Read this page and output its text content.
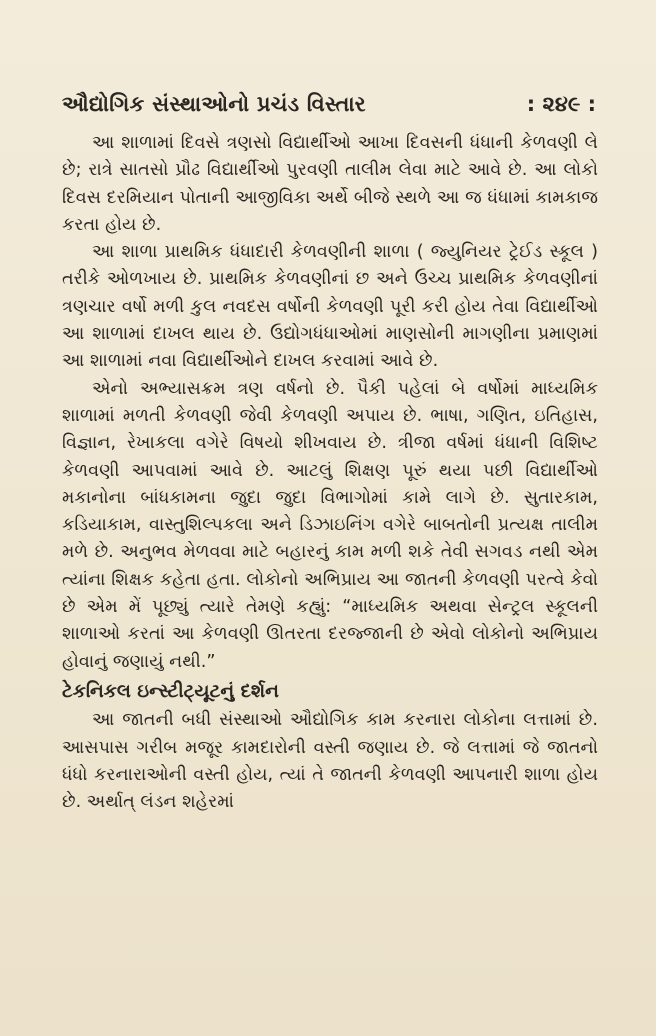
ઔદ્યોગિક સંસ્થાઓનો પ્રચંડ વિસ્તાર	: ૨૪૯ :

આ શાળામાં દિવસે ત્રણસો વિદ્યાર્થીઓ આખા દિવસની ધંધાની કેળવણી લે છે; રાત્રે સાતસો પ્રૌઢ વિદ્યાર્થીઓ પુરવણી તાલીમ લેવા માટે આવે છે. આ લોકો દિવસ દરમિયાન પોતાની આજીવિકા અર્થે બીજે સ્થળે આ જ ધંધામાં કામકાજ કરતા હોય છે.

આ શાળા પ્રાથમિક ધંધાદારી કેળવણીની શાળા ( જ્યુનિયર ટ્રેઈડ સ્કૂલ ) તરીકે ઓળખાય છે. પ્રાથમિક કેળવણીનાં છ અને ઉચ્ચ પ્રાથમિક કેળવણીનાં ત્રણચાર વર્ષો મળી કુલ નવદસ વર્ષોની કેળવણી પૂરી કરી હોય તેવા વિદ્યાર્થીઓ આ શાળામાં દાખલ થાય છે. ઉદ્યોગધંધાઓમાં માણસોની માગણીના પ્રમાણમાં આ શાળામાં નવા વિદ્યાર્થીઓને દાખલ કરવામાં આવે છે.

એનો અભ્યાસક્રમ ત્રણ વર્ષનો છે. પૈકી પહેલાં બે વર્ષોમાં માધ્યમિક શાળામાં મળતી કેળવણી જેવી કેળવણી અપાય છે. ભાષા, ગણિત, ઇતિહાસ, વિજ્ઞાન, રેખાકલા વગેરે વિષયો શીખવાય છે. ત્રીજા વર્ષમાં ધંધાની વિશિષ્ટ કેળવણી આપવામાં આવે છે. આટલું શિક્ષણ પૂરું થયા પછી વિદ્યાર્થીઓ મકાનોના બાંધકામના જુદા જુદા વિભાગોમાં કામે લાગે છે. સુતારકામ, કડિયાકામ, વાસ્તુશિલ્પકલા અને ડિઝાઇનિંગ વગેરે બાબતોની પ્રત્યક્ષ તાલીમ મળે છે. અનુભવ મેળવવા માટે બહારનું કામ મળી શકે તેવી સગવડ નથી એમ ત્યાંના શિક્ષક કહેતા હતા. લોકોનો અભિપ્રાય આ જાતની કેળવણી પરત્વે કેવો છે એમ મેં પૂછ્યું ત્યારે તેમણે કહ્યું: “માધ્યમિક અથવા સેન્ટ્રલ સ્કૂલની શાળાઓ કરતાં આ કેળવણી ઊતરતા દરજ્જાની છે એવો લોકોનો અભિપ્રાય હોવાનું જણાયું નથી.”

ટેકનિકલ ઇન્સ્ટીટ્યૂટનું દર્શન

આ જાતની બધી સંસ્થાઓ ઔદ્યોગિક કામ કરનારા લોકોના લત્તામાં છે. આસપાસ ગરીબ મજૂર કામદારોની વસ્તી જણાય છે. જે લત્તામાં જે જાતનો ધંધો કરનારાઓની વસ્તી હોય, ત્યાં તે જાતની કેળવણી આપનારી શાળા હોય છે. અર્થાત્ લંડન શહેરમાં
